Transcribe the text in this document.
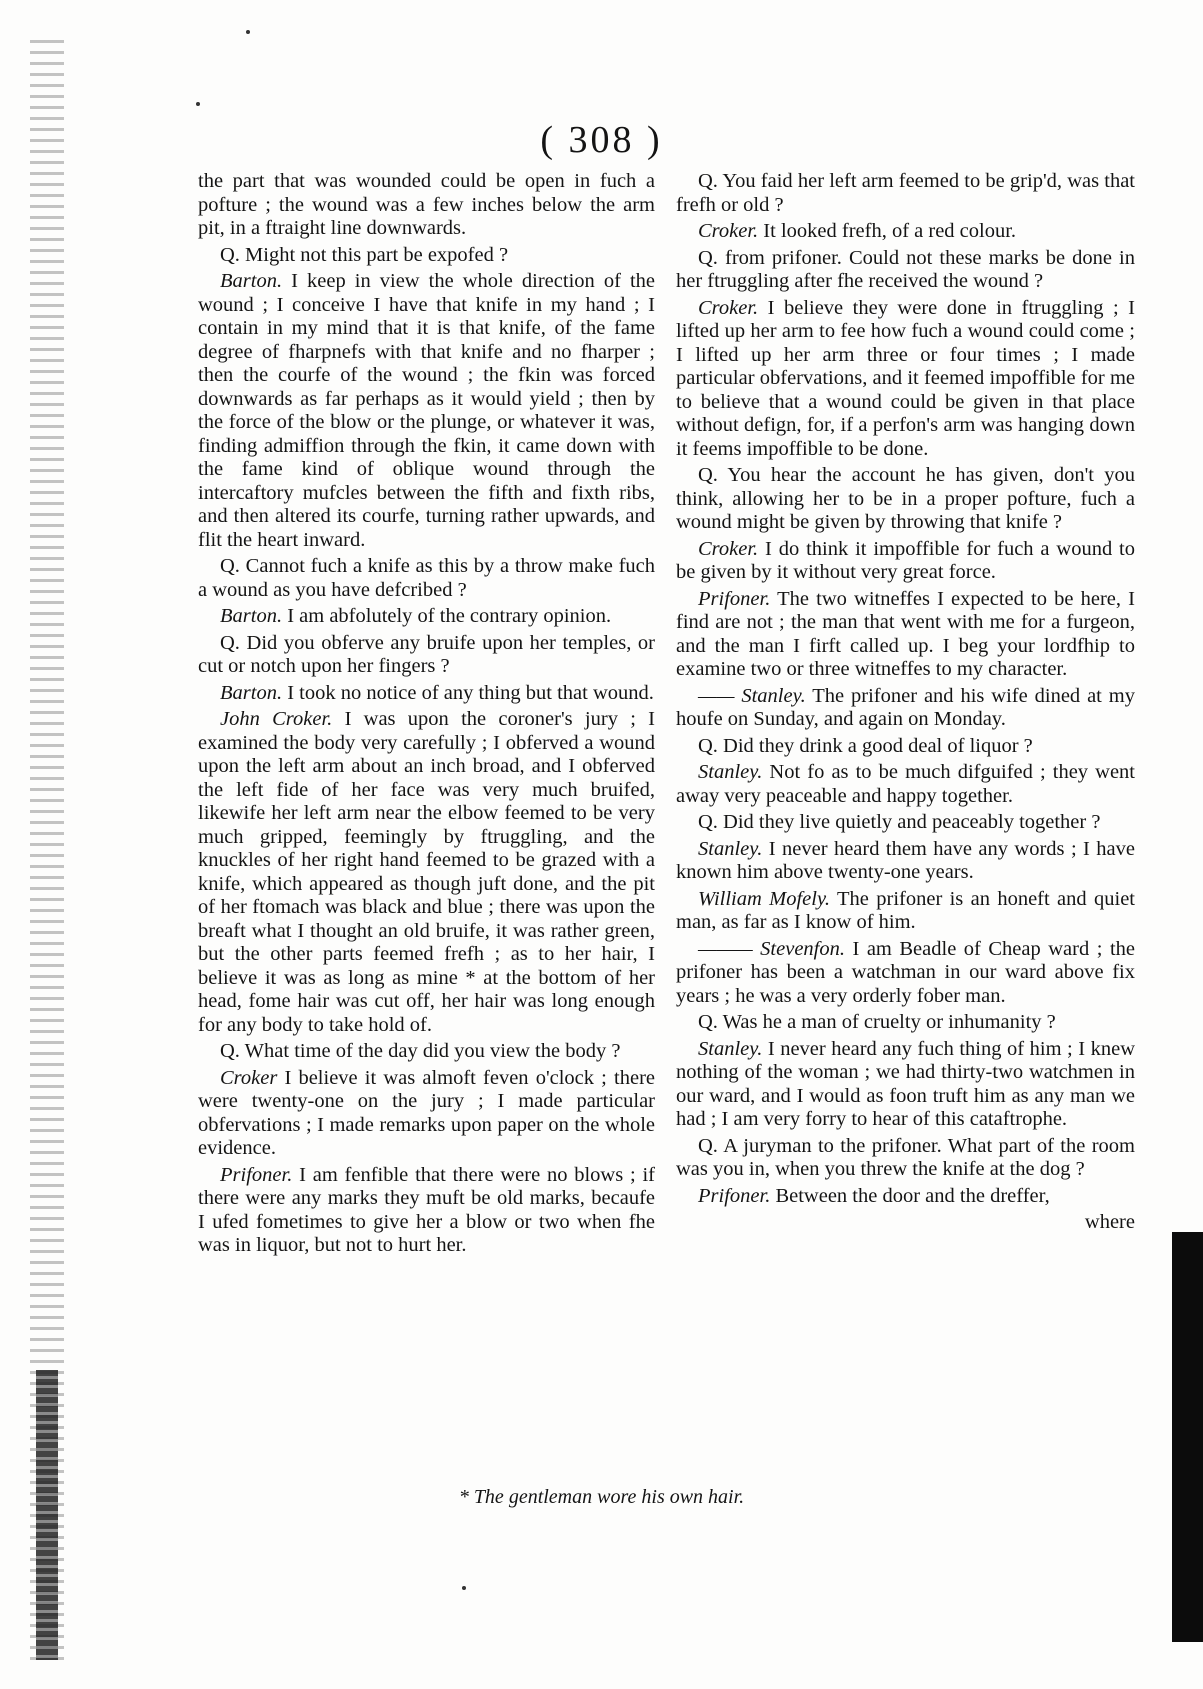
( 308 )

the part that was wounded could be open in fuch a pofture ; the wound was a few inches below the arm pit, in a ftraight line downwards.

Q. Might not this part be expofed ?

Barton. I keep in view the whole direction of the wound ; I conceive I have that knife in my hand ; I contain in my mind that it is that knife, of the fame degree of fharpnefs with that knife and no fharper ; then the courfe of the wound ; the fkin was forced downwards as far perhaps as it would yield ; then by the force of the blow or the plunge, or whatever it was, finding admiffion through the fkin, it came down with the fame kind of oblique wound through the intercaftory mufcles between the fifth and fixth ribs, and then altered its courfe, turning rather upwards, and flit the heart inward.

Q. Cannot fuch a knife as this by a throw make fuch a wound as you have defcribed ?

Barton. I am abfolutely of the contrary opinion.

Q. Did you obferve any bruife upon her temples, or cut or notch upon her fingers ?

Barton. I took no notice of any thing but that wound.

John Croker. I was upon the coroner's jury ; I examined the body very carefully ; I obferved a wound upon the left arm about an inch broad, and I obferved the left fide of her face was very much bruifed, likewife her left arm near the elbow feemed to be very much gripped, feemingly by ftruggling, and the knuckles of her right hand feemed to be grazed with a knife, which appeared as though juft done, and the pit of her ftomach was black and blue ; there was upon the breaft what I thought an old bruife, it was rather green, but the other parts feemed frefh ; as to her hair, I believe it was as long as mine * at the bottom of her head, fome hair was cut off, her hair was long enough for any body to take hold of.

Q. What time of the day did you view the body ?

Croker I believe it was almoft feven o'clock ; there were twenty-one on the jury ; I made particular obfervations ; I made remarks upon paper on the whole evidence.

Prifoner. I am fenfible that there were no blows ; if there were any marks they muft be old marks, becaufe I ufed fometimes to give her a blow or two when fhe was in liquor, but not to hurt her.

Q. You faid her left arm feemed to be grip'd, was that frefh or old ?

Croker. It looked frefh, of a red colour.

Q. from prifoner. Could not these marks be done in her ftruggling after fhe received the wound ?

Croker. I believe they were done in ftruggling ; I lifted up her arm to fee how fuch a wound could come ; I lifted up her arm three or four times ; I made particular obfervations, and it feemed impoffible for me to believe that a wound could be given in that place without defign, for, if a perfon's arm was hanging down it feems impoffible to be done.

Q. You hear the account he has given, don't you think, allowing her to be in a proper pofture, fuch a wound might be given by throwing that knife ?

Croker. I do think it impoffible for fuch a wound to be given by it without very great force.

Prifoner. The two witneffes I expected to be here, I find are not ; the man that went with me for a furgeon, and the man I firft called up. I beg your lordfhip to examine two or three witneffes to my character.

—— Stanley. The prifoner and his wife dined at my houfe on Sunday, and again on Monday.

Q. Did they drink a good deal of liquor ?

Stanley. Not fo as to be much difguifed ; they went away very peaceable and happy together.

Q. Did they live quietly and peaceably together ?

Stanley. I never heard them have any words ; I have known him above twenty-one years.

William Mofely. The prifoner is an honeft and quiet man, as far as I know of him.

——— Stevenfon. I am Beadle of Cheap ward ; the prifoner has been a watchman in our ward above fix years ; he was a very orderly fober man.

Q. Was he a man of cruelty or inhumanity ?

Stanley. I never heard any fuch thing of him ; I knew nothing of the woman ; we had thirty-two watchmen in our ward, and I would as foon truft him as any man we had ; I am very forry to hear of this cataftrophe.

Q. A juryman to the prifoner. What part of the room was you in, when you threw the knife at the dog ?

Prifoner. Between the door and the dreffer,

where

* The gentleman wore his own hair.
